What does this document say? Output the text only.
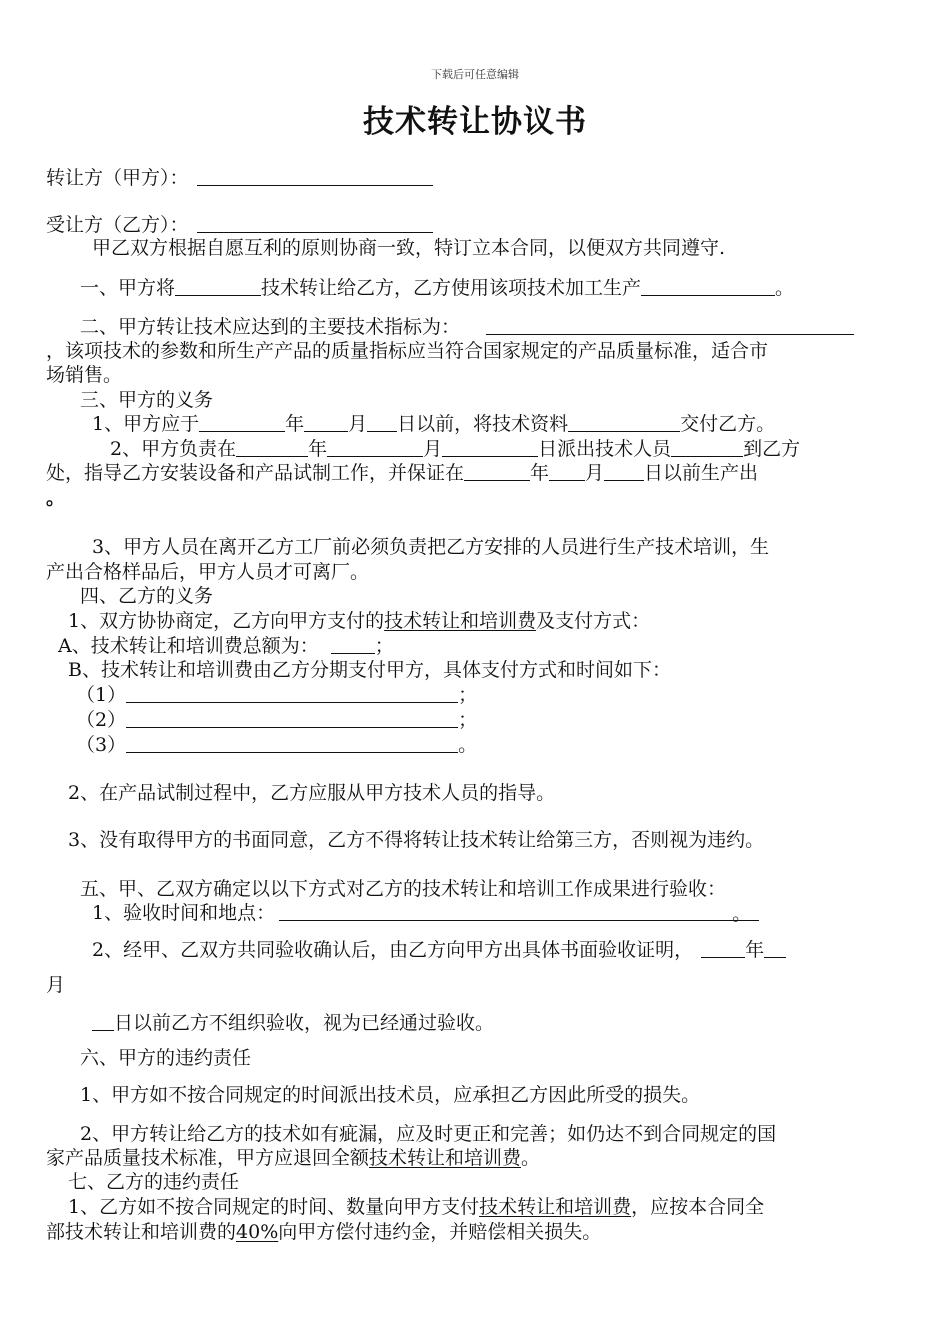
下载后可任意编辑
技术转让协议书
转让方（甲方）：
受让方（乙方）：
甲乙双方根据自愿互利的原则协商一致，特订立本合同，以便双方共同遵守.
一、甲方将	技术转让给乙方，乙方使用该项技术加工生产	。
二、甲方转让技术应达到的主要技术指标为：
，该项技术的参数和所生产产品的质量指标应当符合国家规定的产品质量标准，适合市
场销售。
三、甲方的义务
1、甲方应于	年 月 日以前，将技术资料	交付乙方。
2、甲方负责在	年	月	日派出技术人员	到乙方
处，指导乙方安装设备和产品试制工作，并保证在	年 月 日以前生产出
。
3、甲方人员在离开乙方工厂前必须负责把乙方安排的人员进行生产技术培训，生
产出合格样品后，甲方人员才可离厂。
四、乙方的义务
1、双方协协商定，乙方向甲方支付的技术转让和培训费及支付方式：
A、技术转让和培训费总额为：	；
B、技术转让和培训费由乙方分期支付甲方，具体支付方式和时间如下：
（1）	；
（2）	；
（3）	。
2、在产品试制过程中，乙方应服从甲方技术人员的指导。
3、没有取得甲方的书面同意，乙方不得将转让技术转让给第三方，否则视为违约。
五、甲、乙双方确定以以下方式对乙方的技术转让和培训工作成果进行验收：
1、验收时间和地点：	。
2、经甲、乙双方共同验收确认后，由乙方向甲方出具体书面验收证明，	年
月
日以前乙方不组织验收，视为已经通过验收。
六、甲方的违约责任
1、甲方如不按合同规定的时间派出技术员，应承担乙方因此所受的损失。
2、甲方转让给乙方的技术如有疵漏，应及时更正和完善；如仍达不到合同规定的国
家产品质量技术标准，甲方应退回全额技术转让和培训费。
七、乙方的违约责任
1、乙方如不按合同规定的时间、数量向甲方支付技术转让和培训费，应按本合同全
部技术转让和培训费的40%向甲方偿付违约金，并赔偿相关损失。
